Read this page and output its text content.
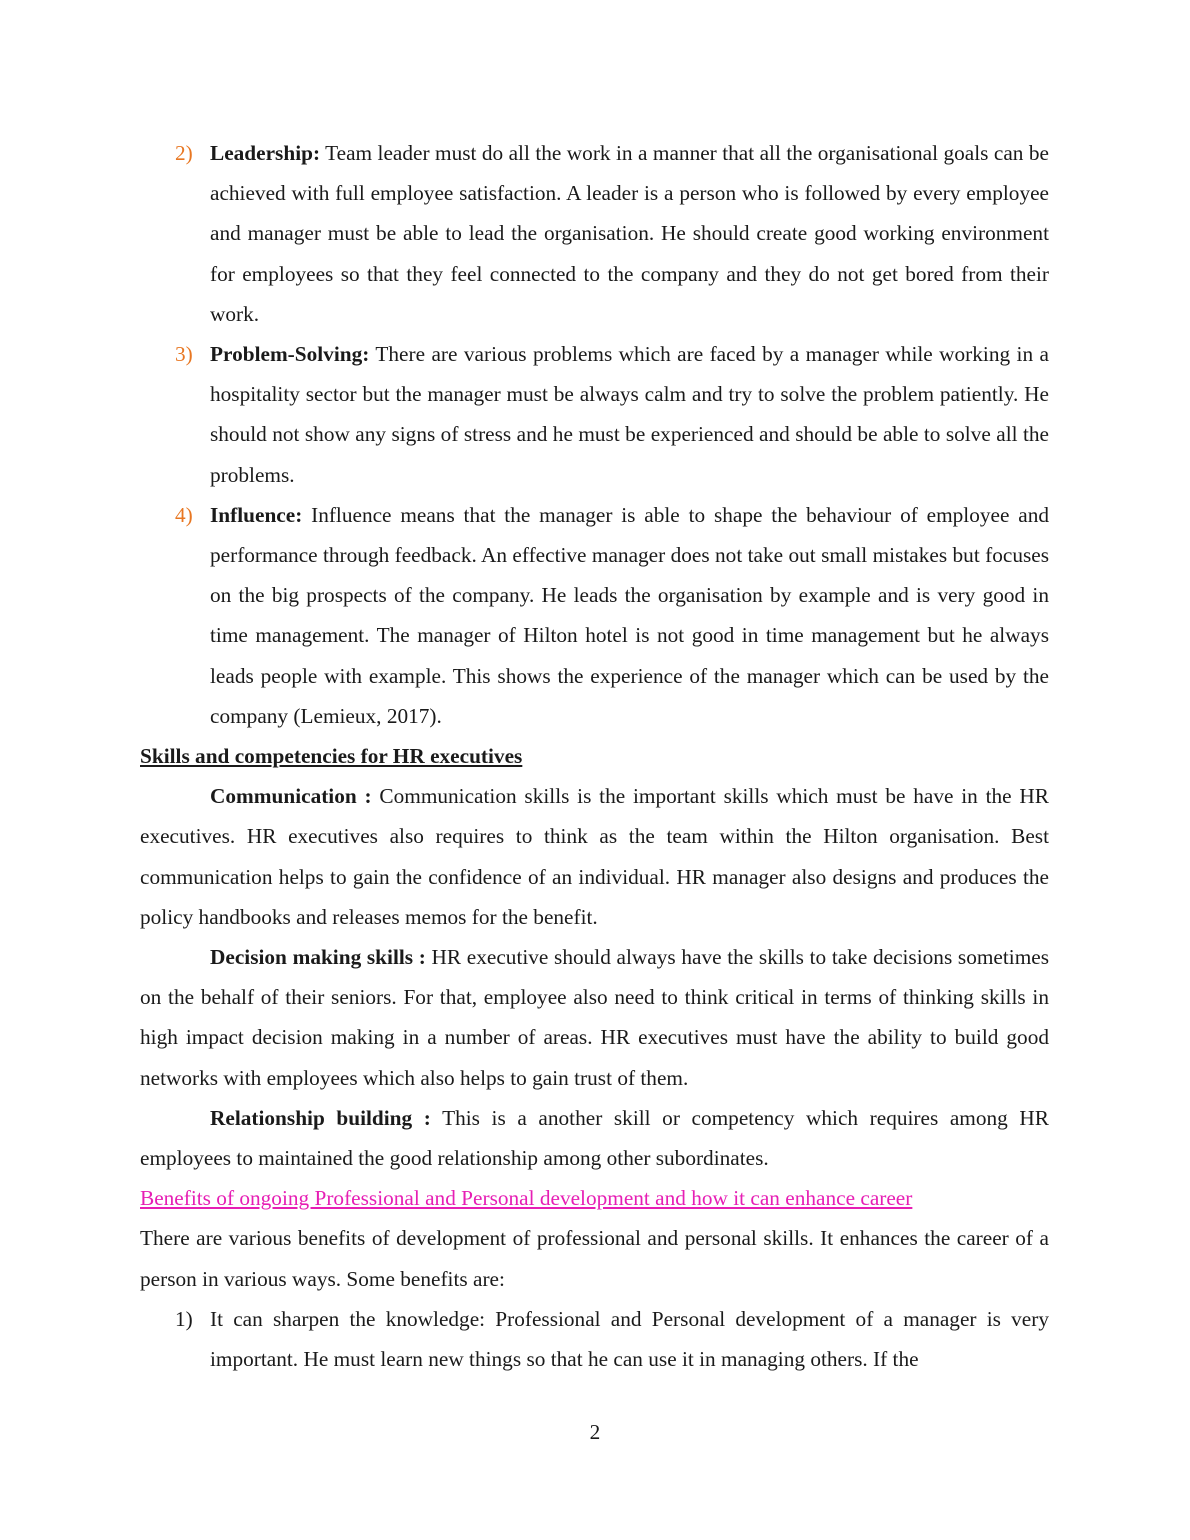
2) Leadership: Team leader must do all the work in a manner that all the organisational goals can be achieved with full employee satisfaction. A leader is a person who is followed by every employee and manager must be able to lead the organisation. He should create good working environment for employees so that they feel connected to the company and they do not get bored from their work.
3) Problem-Solving: There are various problems which are faced by a manager while working in a hospitality sector but the manager must be always calm and try to solve the problem patiently. He should not show any signs of stress and he must be experienced and should be able to solve all the problems.
4) Influence: Influence means that the manager is able to shape the behaviour of employee and performance through feedback. An effective manager does not take out small mistakes but focuses on the big prospects of the company. He leads the organisation by example and is very good in time management. The manager of Hilton hotel is not good in time management but he always leads people with example. This shows the experience of the manager which can be used by the company (Lemieux, 2017).
Skills and competencies for HR executives
Communication : Communication skills is the important skills which must be have in the HR executives. HR executives also requires to think as the team within the Hilton organisation. Best communication helps to gain the confidence of an individual. HR manager also designs and produces the policy handbooks and releases memos for the benefit.
Decision making skills : HR executive should always have the skills to take decisions sometimes on the behalf of their seniors. For that, employee also need to think critical in terms of thinking skills in high impact decision making in a number of areas. HR executives must have the ability to build good networks with employees which also helps to gain trust of them.
Relationship building : This is a another skill or competency which requires among HR employees to maintained the good relationship among other subordinates.
Benefits of ongoing Professional and Personal development and how it can enhance career
There are various benefits of development of professional and personal skills. It enhances the career of a person in various ways. Some benefits are:
1) It can sharpen the knowledge: Professional and Personal development of a manager is very important. He must learn new things so that he can use it in managing others. If the
2
